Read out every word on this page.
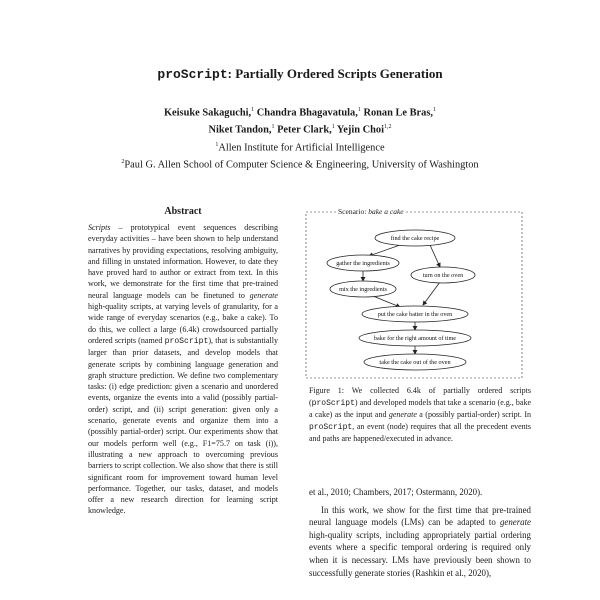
proScript: Partially Ordered Scripts Generation
Keisuke Sakaguchi,$^1$ Chandra Bhagavatula,$^1$ Ronan Le Bras,$^1$
Niket Tandon,$^1$ Peter Clark,$^1$ Yejin Choi$^{1,2}$
$^1$Allen Institute for Artificial Intelligence
$^2$Paul G. Allen School of Computer Science & Engineering, University of Washington
Abstract
Scripts – prototypical event sequences describing everyday activities – have been shown to help understand narratives by providing expectations, resolving ambiguity, and filling in unstated information. However, to date they have proved hard to author or extract from text. In this work, we demonstrate for the first time that pre-trained neural language models can be finetuned to generate high-quality scripts, at varying levels of granularity, for a wide range of everyday scenarios (e.g., bake a cake). To do this, we collect a large (6.4k) crowdsourced partially ordered scripts (named proScript), that is substantially larger than prior datasets, and develop models that generate scripts by combining language generation and graph structure prediction. We define two complementary tasks: (i) edge prediction: given a scenario and unordered events, organize the events into a valid (possibly partial-order) script, and (ii) script generation: given only a scenario, generate events and organize them into a (possibly partial-order) script. Our experiments show that our models perform well (e.g., F1=75.7 on task (i)), illustrating a new approach to overcoming previous barriers to script collection. We also show that there is still significant room for improvement toward human level performance. Together, our tasks, dataset, and models offer a new research direction for learning script knowledge.
find the cake recipe
gather the ingredients
turn on the oven
mix the ingredients
put the cake batter in the oven
bake for the right amount of time
take the cake out of the oven
Scenario: bake a cake
Figure 1: We collected 6.4k of partially ordered scripts (proScript) and developed models that take a scenario (e.g., bake a cake) as the input and generate a (possibly partial-order) script. In proScript, an event (node) requires that all the precedent events and paths are happened/executed in advance.

et al., 2010; Chambers, 2017; Ostermann, 2020).

In this work, we show for the first time that pre-trained neural language models (LMs) can be adapted to generate high-quality scripts, including appropriately partial ordering events where a specific temporal ordering is required only when it is necessary. LMs have previously been shown to successfully generate stories (Rashkin et al., 2020),
